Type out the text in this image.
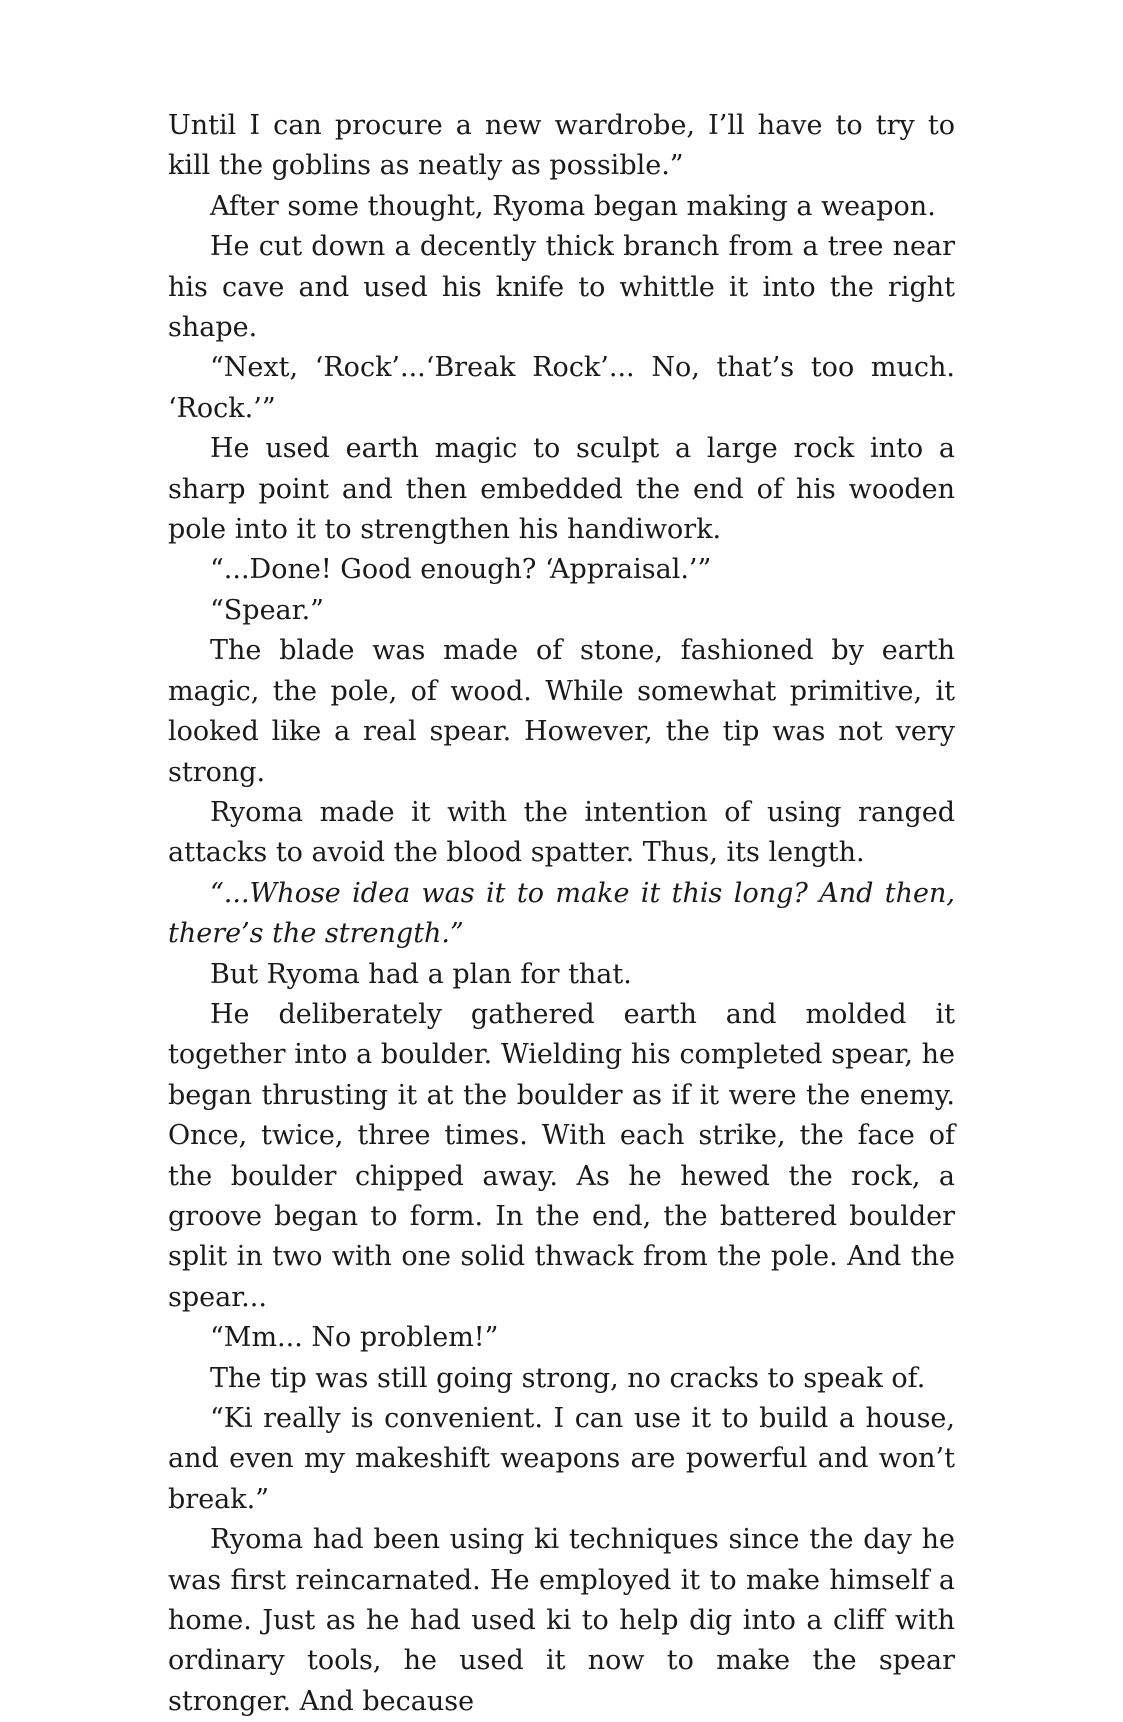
Until I can procure a new wardrobe, I’ll have to try to kill the goblins as neatly as possible.”

After some thought, Ryoma began making a weapon.

He cut down a decently thick branch from a tree near his cave and used his knife to whittle it into the right shape.

“Next, ‘Rock’...‘Break Rock’... No, that’s too much. ‘Rock.’”

He used earth magic to sculpt a large rock into a sharp point and then embedded the end of his wooden pole into it to strengthen his handiwork.

“...Done! Good enough? ‘Appraisal.’”

“Spear.”

The blade was made of stone, fashioned by earth magic, the pole, of wood. While somewhat primitive, it looked like a real spear. However, the tip was not very strong.

Ryoma made it with the intention of using ranged attacks to avoid the blood spatter. Thus, its length.

“...Whose idea was it to make it this long? And then, there’s the strength.”

But Ryoma had a plan for that.

He deliberately gathered earth and molded it together into a boulder. Wielding his completed spear, he began thrusting it at the boulder as if it were the enemy. Once, twice, three times. With each strike, the face of the boulder chipped away. As he hewed the rock, a groove began to form. In the end, the battered boulder split in two with one solid thwack from the pole. And the spear...

“Mm... No problem!”

The tip was still going strong, no cracks to speak of.

“Ki really is convenient. I can use it to build a house, and even my makeshift weapons are powerful and won’t break.”

Ryoma had been using ki techniques since the day he was first reincarnated. He employed it to make himself a home. Just as he had used ki to help dig into a cliff with ordinary tools, he used it now to make the spear stronger. And because
